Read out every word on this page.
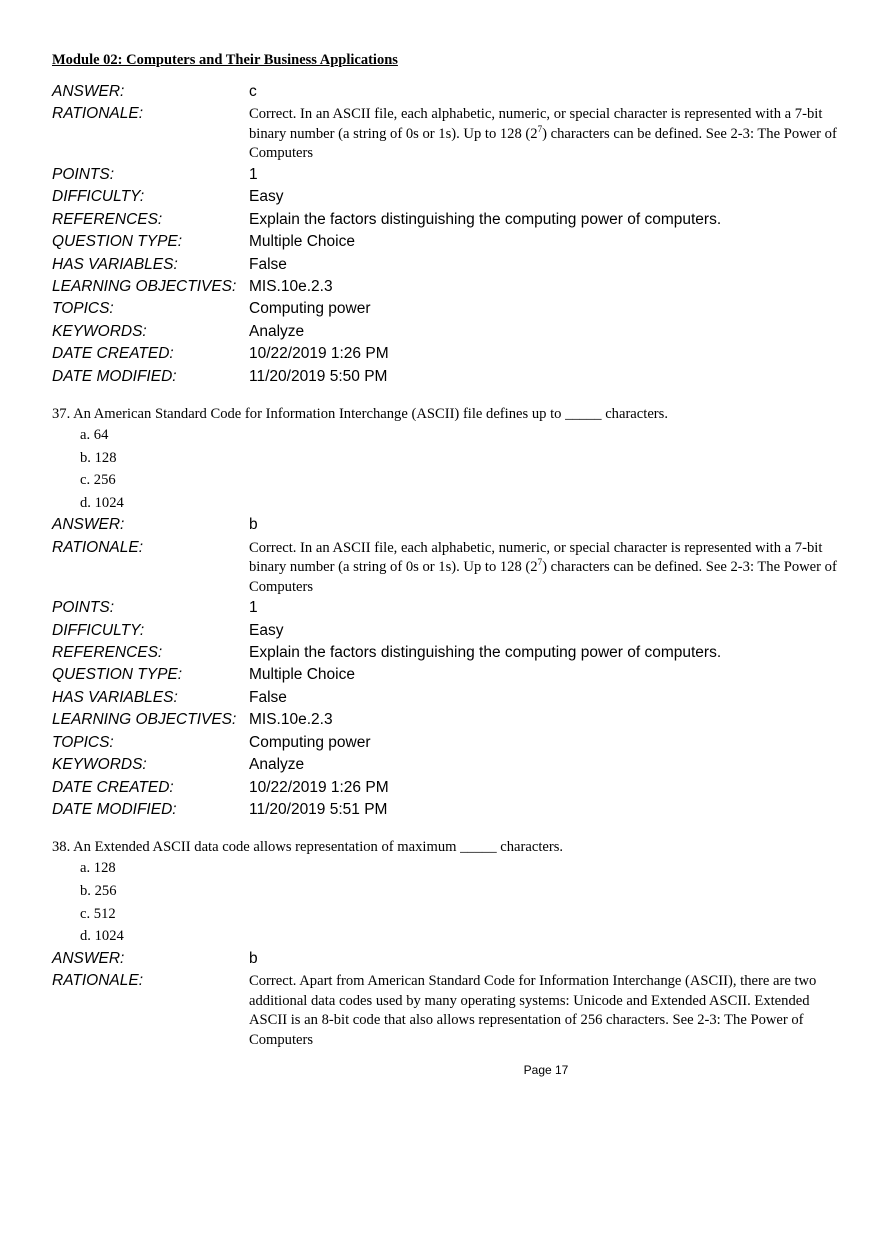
Module 02: Computers and Their Business Applications
ANSWER:	c
RATIONALE:	Correct. In an ASCII file, each alphabetic, numeric, or special character is represented with a 7-bit binary number (a string of 0s or 1s). Up to 128 $(2^7)$ characters can be defined. See 2-3: The Power of Computers
POINTS:	1
DIFFICULTY:	Easy
REFERENCES:	Explain the factors distinguishing the computing power of computers.
QUESTION TYPE:	Multiple Choice
HAS VARIABLES:	False
LEARNING OBJECTIVES: MIS.10e.2.3
TOPICS:	Computing power
KEYWORDS:	Analyze
DATE CREATED:	10/22/2019 1:26 PM
DATE MODIFIED:	11/20/2019 5:50 PM
37. An American Standard Code for Information Interchange (ASCII) file defines up to _____ characters.
a. 64
b. 128
c. 256
d. 1024
ANSWER:	b
RATIONALE:	Correct. In an ASCII file, each alphabetic, numeric, or special character is represented with a 7-bit binary number (a string of 0s or 1s). Up to 128 $(2^7)$ characters can be defined. See 2-3: The Power of Computers
POINTS:	1
DIFFICULTY:	Easy
REFERENCES:	Explain the factors distinguishing the computing power of computers.
QUESTION TYPE:	Multiple Choice
HAS VARIABLES:	False
LEARNING OBJECTIVES: MIS.10e.2.3
TOPICS:	Computing power
KEYWORDS:	Analyze
DATE CREATED:	10/22/2019 1:26 PM
DATE MODIFIED:	11/20/2019 5:51 PM
38. An Extended ASCII data code allows representation of maximum _____ characters.
a. 128
b. 256
c. 512
d. 1024
ANSWER:	b
RATIONALE:	Correct. Apart from American Standard Code for Information Interchange (ASCII), there are two additional data codes used by many operating systems: Unicode and Extended ASCII. Extended ASCII is an 8-bit code that also allows representation of 256 characters. See 2-3: The Power of Computers
Page 17
